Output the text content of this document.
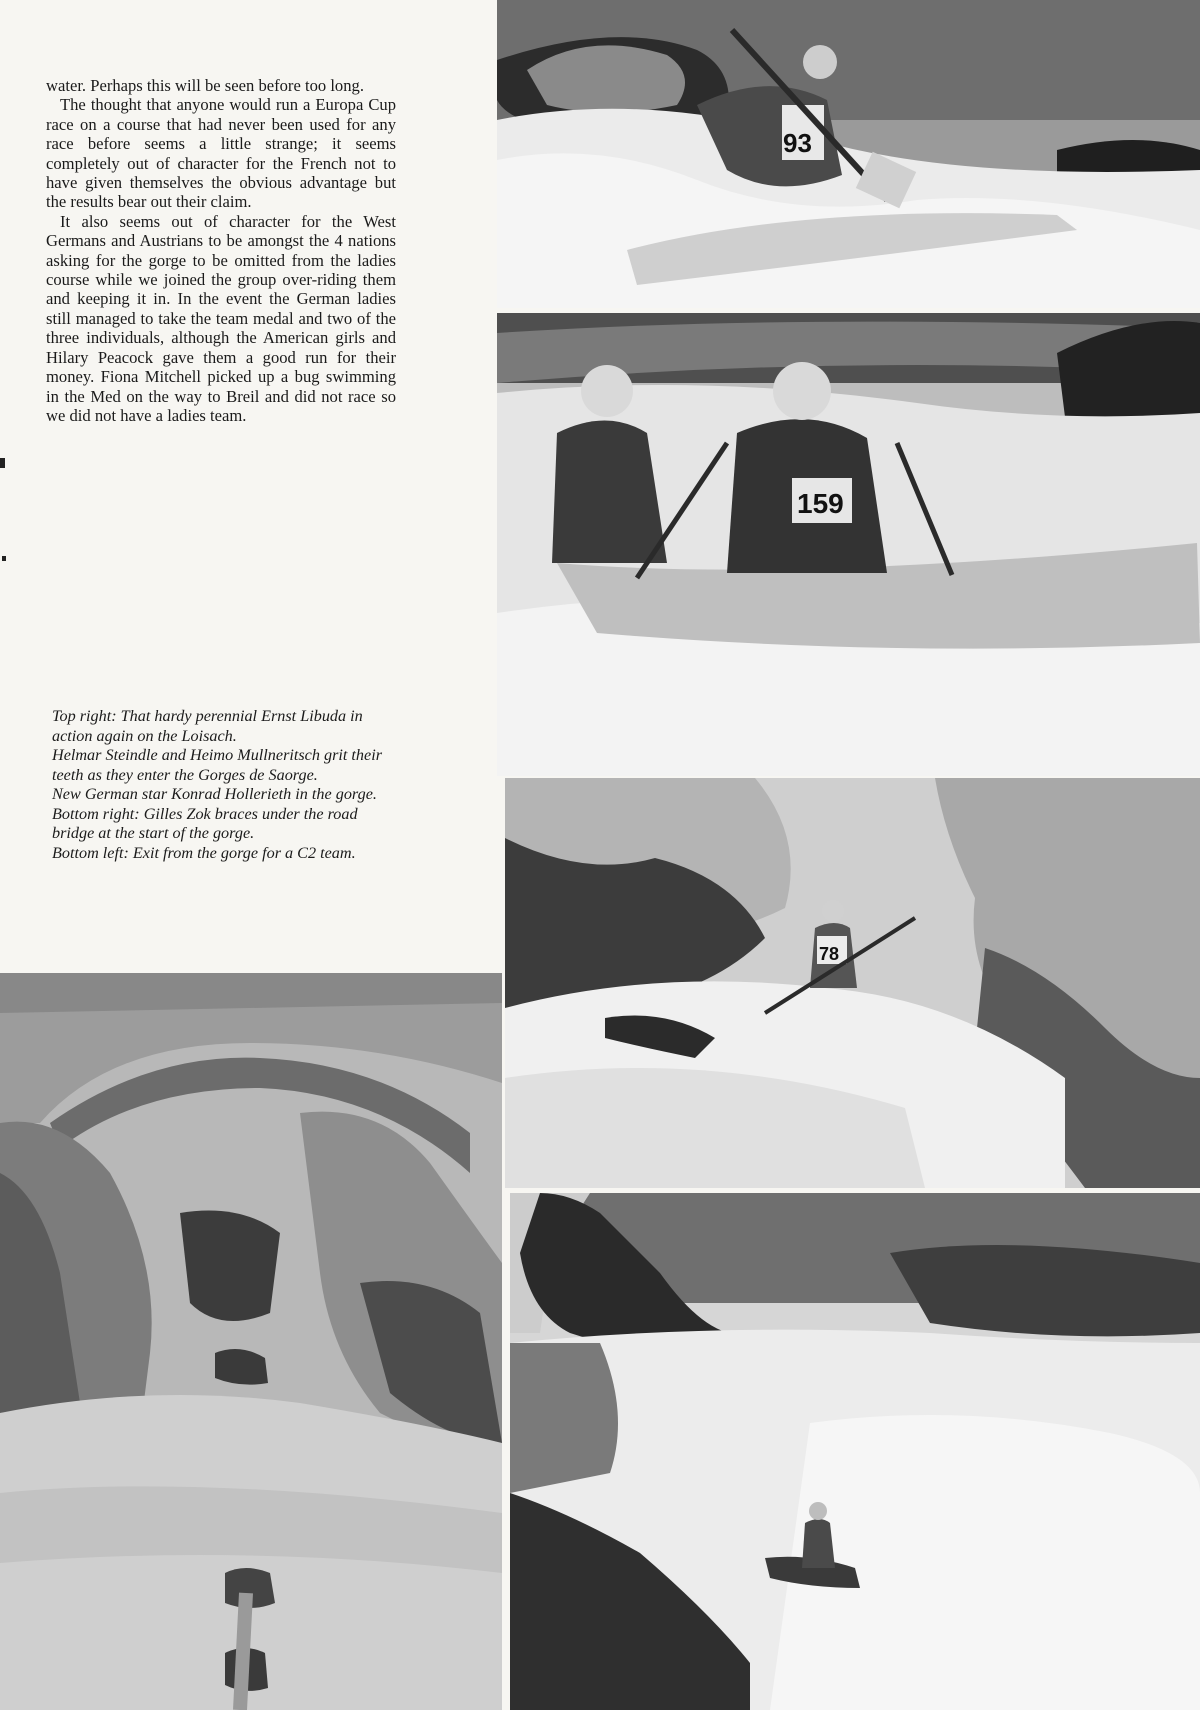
water. Perhaps this will be seen before too long.

The thought that anyone would run a Europa Cup race on a course that had never been used for any race before seems a little strange; it seems completely out of character for the French not to have given themselves the obvious advantage but the results bear out their claim.

It also seems out of character for the West Germans and Austrians to be amongst the 4 nations asking for the gorge to be omitted from the ladies course while we joined the group over-riding them and keeping it in. In the event the German ladies still managed to take the team medal and two of the three individuals, although the American girls and Hilary Peacock gave them a good run for their money. Fiona Mitchell picked up a bug swimming in the Med on the way to Breil and did not race so we did not have a ladies team.

Top right: That hardy perennial Ernst Libuda in action again on the Loisach.
Helmar Steindle and Heimo Mullneritsch grit their teeth as they enter the Gorges de Saorge.
New German star Konrad Hollerieth in the gorge.
Bottom right: Gilles Zok braces under the road bridge at the start of the gorge.
Bottom left: Exit from the gorge for a C2 team.
93
159
78
